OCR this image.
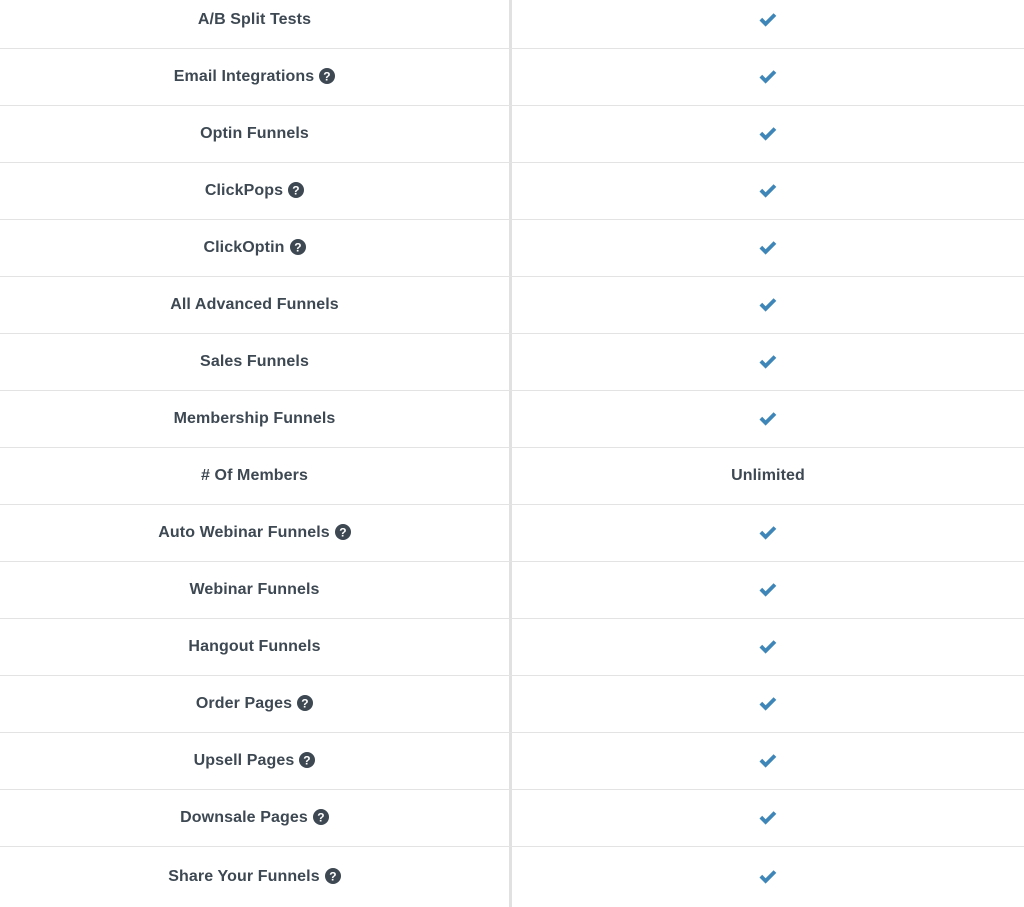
A/B Split Tests
Email Integrations ?
Optin Funnels
ClickPops ?
ClickOptin ?
All Advanced Funnels
Sales Funnels
Membership Funnels
# Of Members	Unlimited
Auto Webinar Funnels ?
Webinar Funnels
Hangout Funnels
Order Pages ?
Upsell Pages ?
Downsale Pages ?
Share Your Funnels ?
